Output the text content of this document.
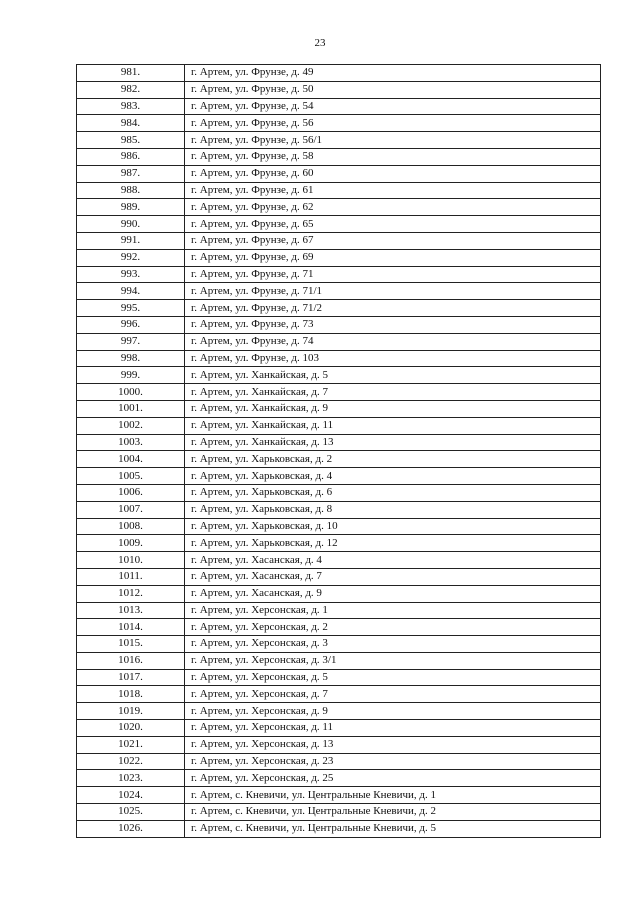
23
981.	г. Артем, ул. Фрунзе, д. 49
982.	г. Артем, ул. Фрунзе, д. 50
983.	г. Артем, ул. Фрунзе, д. 54
984.	г. Артем, ул. Фрунзе, д. 56
985.	г. Артем, ул. Фрунзе, д. 56/1
986.	г. Артем, ул. Фрунзе, д. 58
987.	г. Артем, ул. Фрунзе, д. 60
988.	г. Артем, ул. Фрунзе, д. 61
989.	г. Артем, ул. Фрунзе, д. 62
990.	г. Артем, ул. Фрунзе, д. 65
991.	г. Артем, ул. Фрунзе, д. 67
992.	г. Артем, ул. Фрунзе, д. 69
993.	г. Артем, ул. Фрунзе, д. 71
994.	г. Артем, ул. Фрунзе, д. 71/1
995.	г. Артем, ул. Фрунзе, д. 71/2
996.	г. Артем, ул. Фрунзе, д. 73
997.	г. Артем, ул. Фрунзе, д. 74
998.	г. Артем, ул. Фрунзе, д. 103
999.	г. Артем, ул. Ханкайская, д. 5
1000.	г. Артем, ул. Ханкайская, д. 7
1001.	г. Артем, ул. Ханкайская, д. 9
1002.	г. Артем, ул. Ханкайская, д. 11
1003.	г. Артем, ул. Ханкайская, д. 13
1004.	г. Артем, ул. Харьковская, д. 2
1005.	г. Артем, ул. Харьковская, д. 4
1006.	г. Артем, ул. Харьковская, д. 6
1007.	г. Артем, ул. Харьковская, д. 8
1008.	г. Артем, ул. Харьковская, д. 10
1009.	г. Артем, ул. Харьковская, д. 12
1010.	г. Артем, ул. Хасанская, д. 4
1011.	г. Артем, ул. Хасанская, д. 7
1012.	г. Артем, ул. Хасанская, д. 9
1013.	г. Артем, ул. Херсонская, д. 1
1014.	г. Артем, ул. Херсонская, д. 2
1015.	г. Артем, ул. Херсонская, д. 3
1016.	г. Артем, ул. Херсонская, д. 3/1
1017.	г. Артем, ул. Херсонская, д. 5
1018.	г. Артем, ул. Херсонская, д. 7
1019.	г. Артем, ул. Херсонская, д. 9
1020.	г. Артем, ул. Херсонская, д. 11
1021.	г. Артем, ул. Херсонская, д. 13
1022.	г. Артем, ул. Херсонская, д. 23
1023.	г. Артем, ул. Херсонская, д. 25
1024.	г. Артем, с. Кневичи, ул. Центральные Кневичи, д. 1
1025.	г. Артем, с. Кневичи, ул. Центральные Кневичи, д. 2
1026.	г. Артем, с. Кневичи, ул. Центральные Кневичи, д. 5
